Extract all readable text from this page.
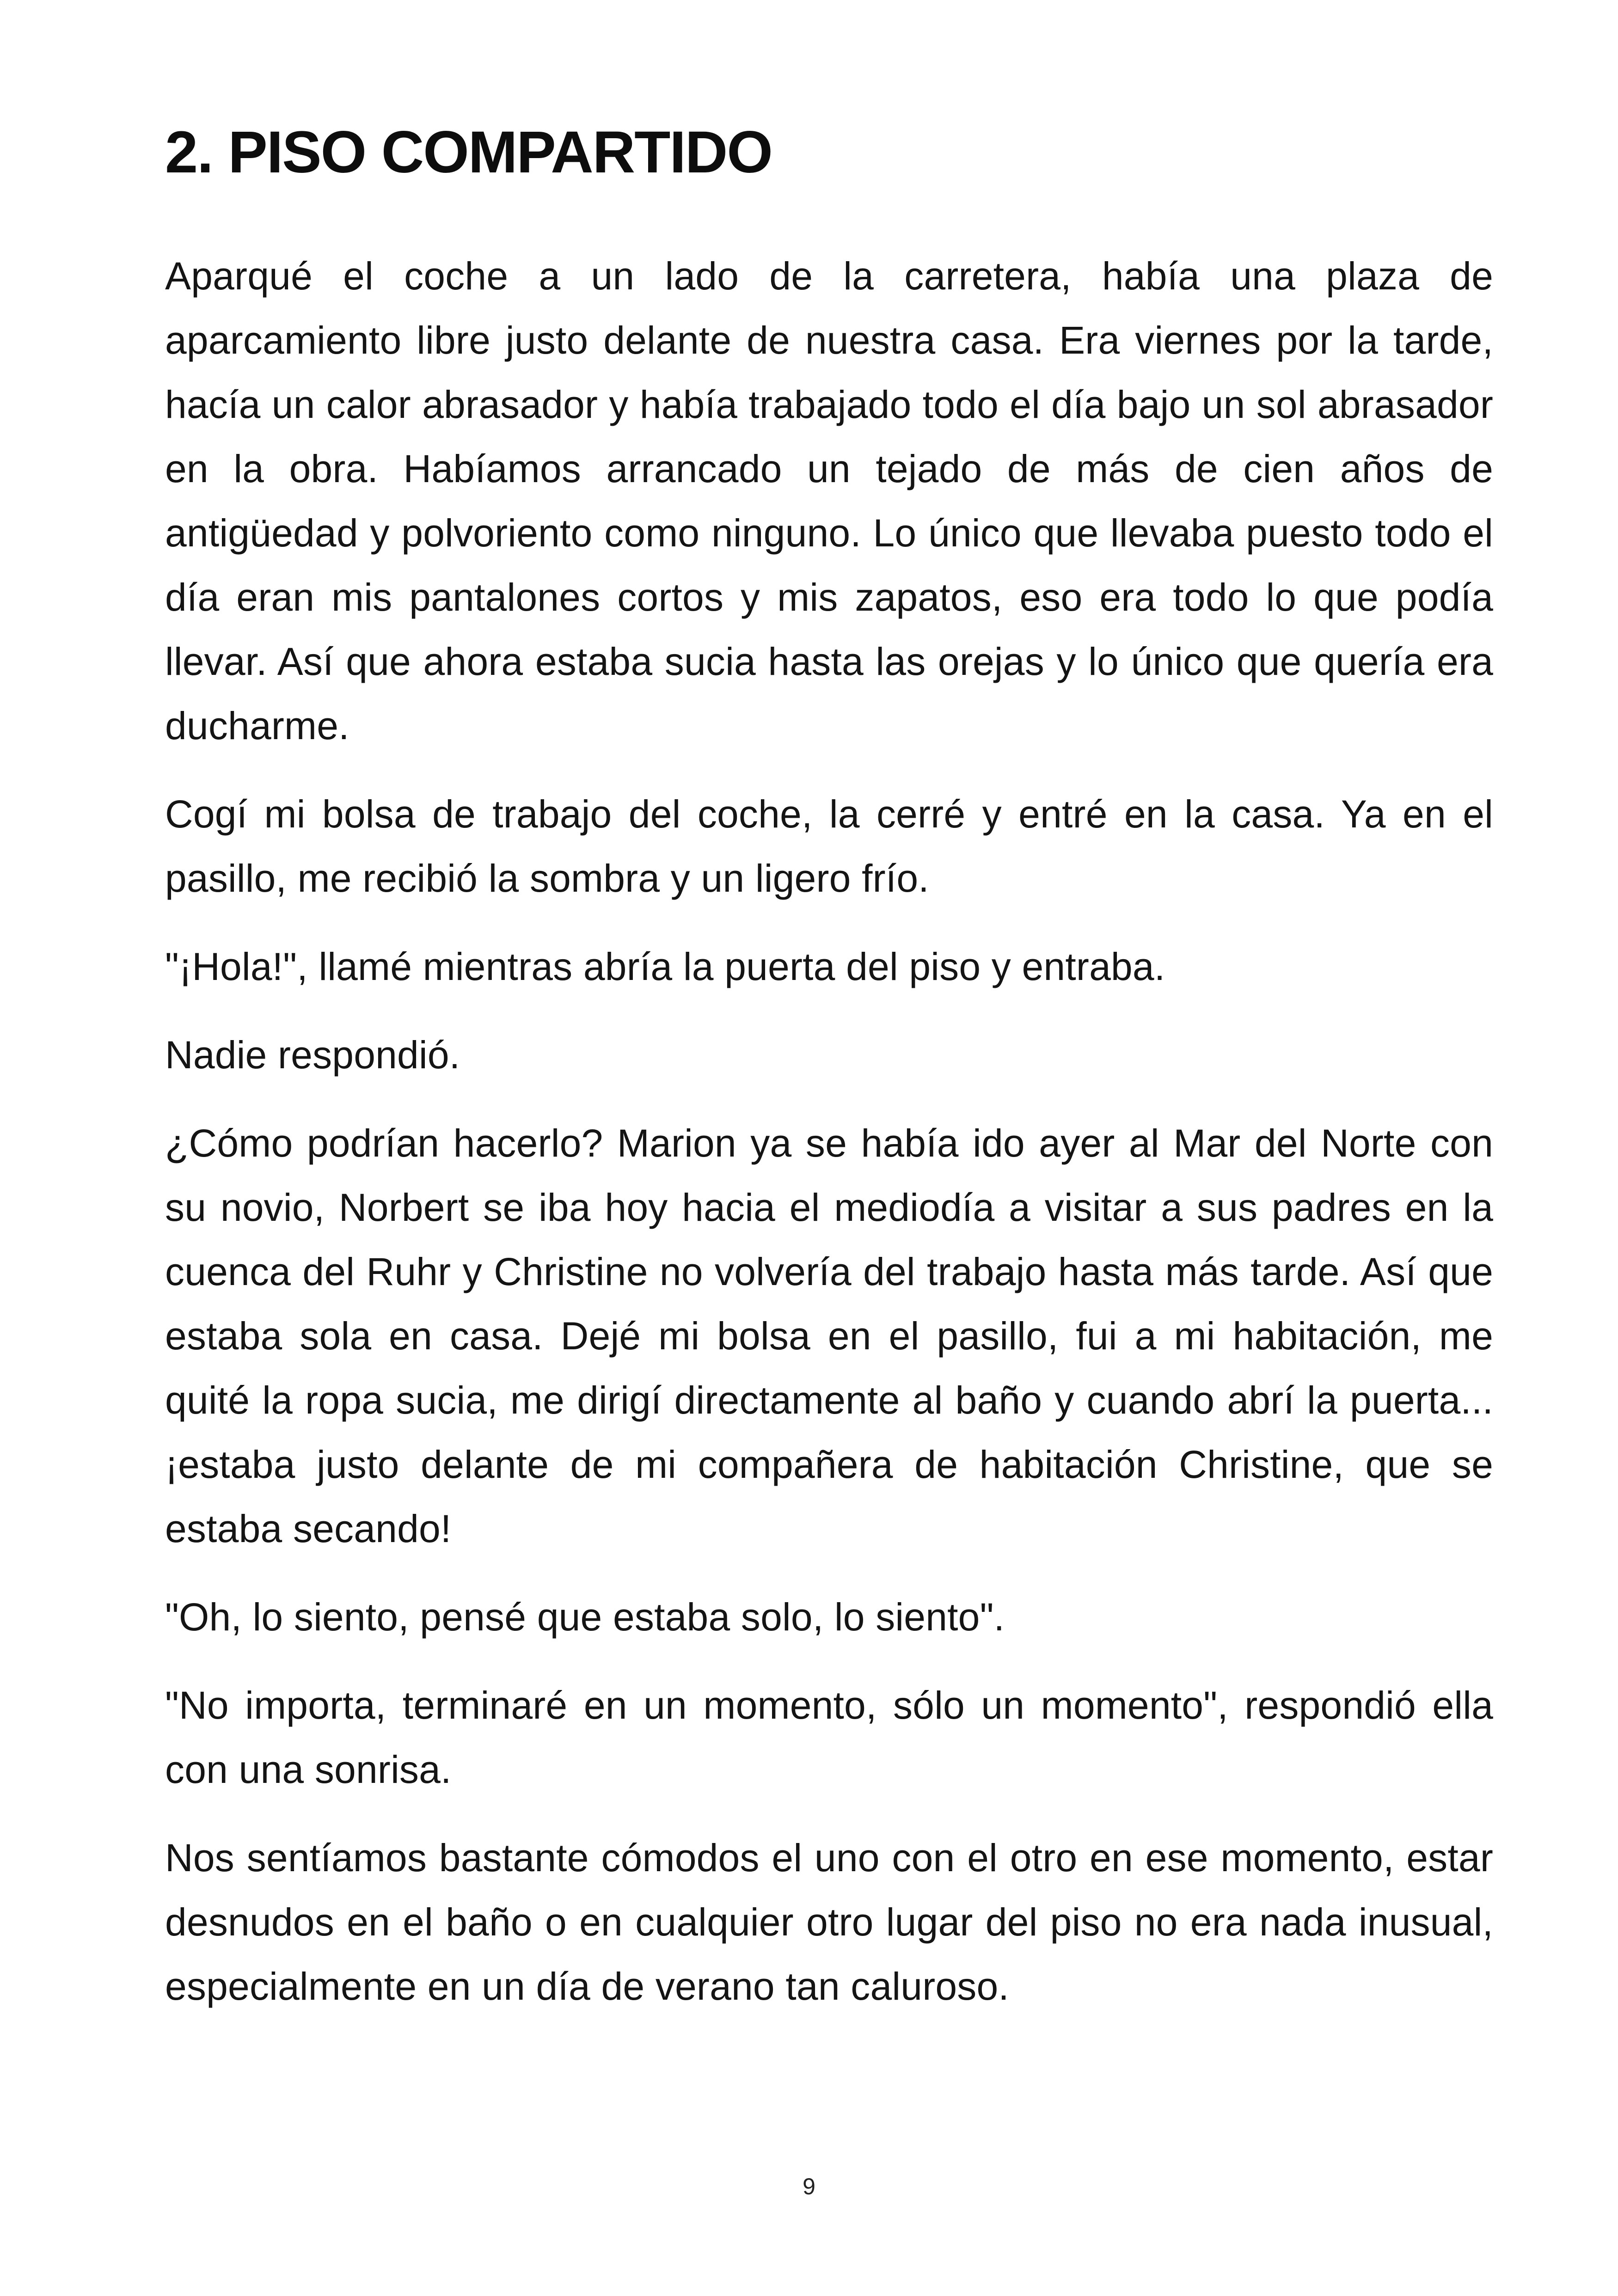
2. PISO COMPARTIDO

Aparqué el coche a un lado de la carretera, había una plaza de aparcamiento libre justo delante de nuestra casa. Era viernes por la tarde, hacía un calor abrasador y había trabajado todo el día bajo un sol abrasador en la obra. Habíamos arrancado un tejado de más de cien años de antigüedad y polvoriento como ninguno. Lo único que llevaba puesto todo el día eran mis pantalones cortos y mis zapatos, eso era todo lo que podía llevar. Así que ahora estaba sucia hasta las orejas y lo único que quería era ducharme.

Cogí mi bolsa de trabajo del coche, la cerré y entré en la casa. Ya en el pasillo, me recibió la sombra y un ligero frío.

"¡Hola!", llamé mientras abría la puerta del piso y entraba.

Nadie respondió.

¿Cómo podrían hacerlo? Marion ya se había ido ayer al Mar del Norte con su novio, Norbert se iba hoy hacia el mediodía a visitar a sus padres en la cuenca del Ruhr y Christine no volvería del trabajo hasta más tarde. Así que estaba sola en casa. Dejé mi bolsa en el pasillo, fui a mi habitación, me quité la ropa sucia, me dirigí directamente al baño y cuando abrí la puerta... ¡estaba justo delante de mi compañera de habitación Christine, que se estaba secando!

"Oh, lo siento, pensé que estaba solo, lo siento".

"No importa, terminaré en un momento, sólo un momento", respondió ella con una sonrisa.

Nos sentíamos bastante cómodos el uno con el otro en ese momento, estar desnudos en el baño o en cualquier otro lugar del piso no era nada inusual, especialmente en un día de verano tan caluroso.

9
